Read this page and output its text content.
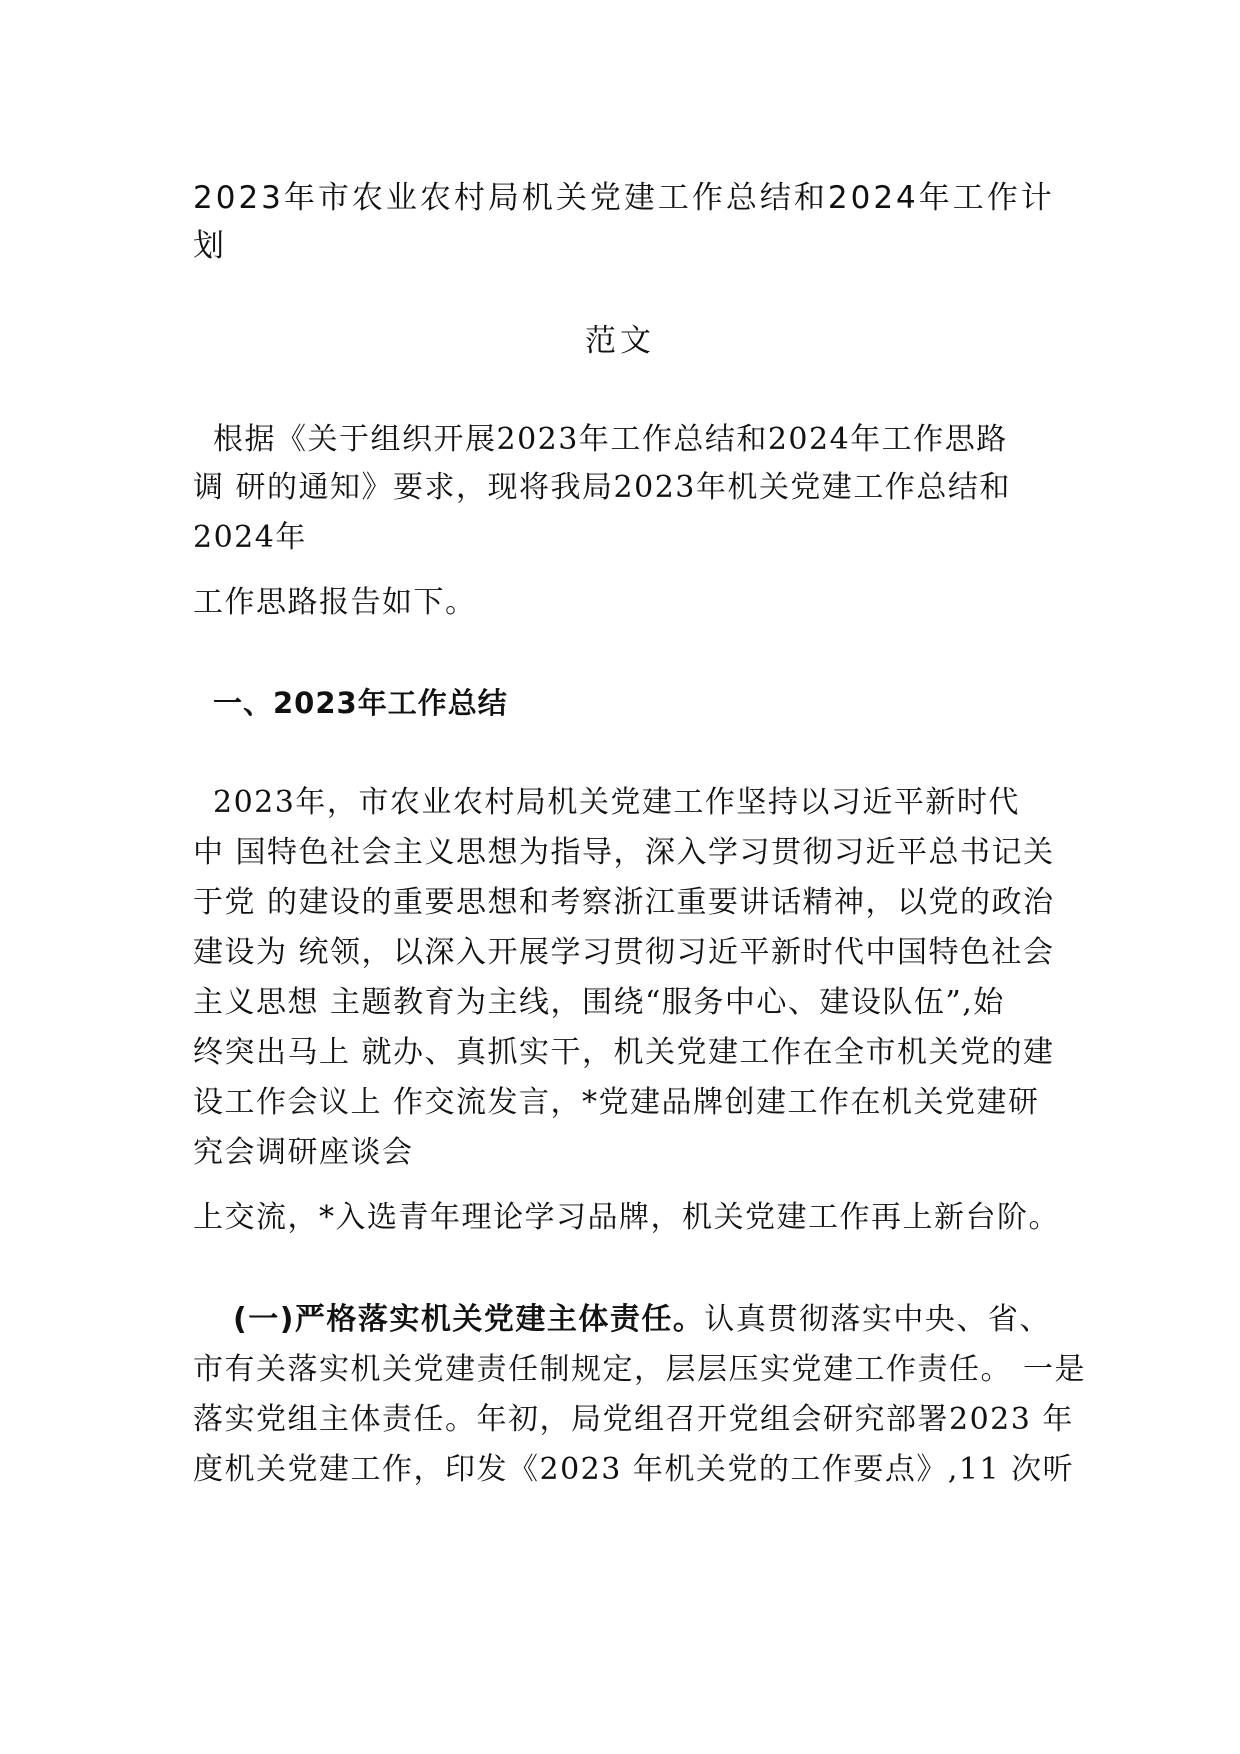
2023年市农业农村局机关党建工作总结和2024年工作计
划
范文
根据《关于组织开展2023年工作总结和2024年工作思路
调 研的通知》要求，现将我局2023年机关党建工作总结和
2024年
工作思路报告如下。
一、2023年工作总结
2023年，市农业农村局机关党建工作坚持以习近平新时代
中 国特色社会主义思想为指导，深入学习贯彻习近平总书记关
于党 的建设的重要思想和考察浙江重要讲话精神，以党的政治
建设为 统领，以深入开展学习贯彻习近平新时代中国特色社会
主义思想 主题教育为主线，围绕“服务中心、建设队伍”,始
终突出马上 就办、真抓实干，机关党建工作在全市机关党的建
设工作会议上 作交流发言，*党建品牌创建工作在机关党建研
究会调研座谈会
上交流，*入选青年理论学习品牌，机关党建工作再上新台阶。
(一)严格落实机关党建主体责任。 认真贯彻落实中央、省、
市有关落实机关党建责任制规定，层层压实党建工作责任。 一是
落实党组主体责任。年初，局党组召开党组会研究部署2023 年
度机关党建工作，印发《2023 年机关党的工作要点》,11 次听
